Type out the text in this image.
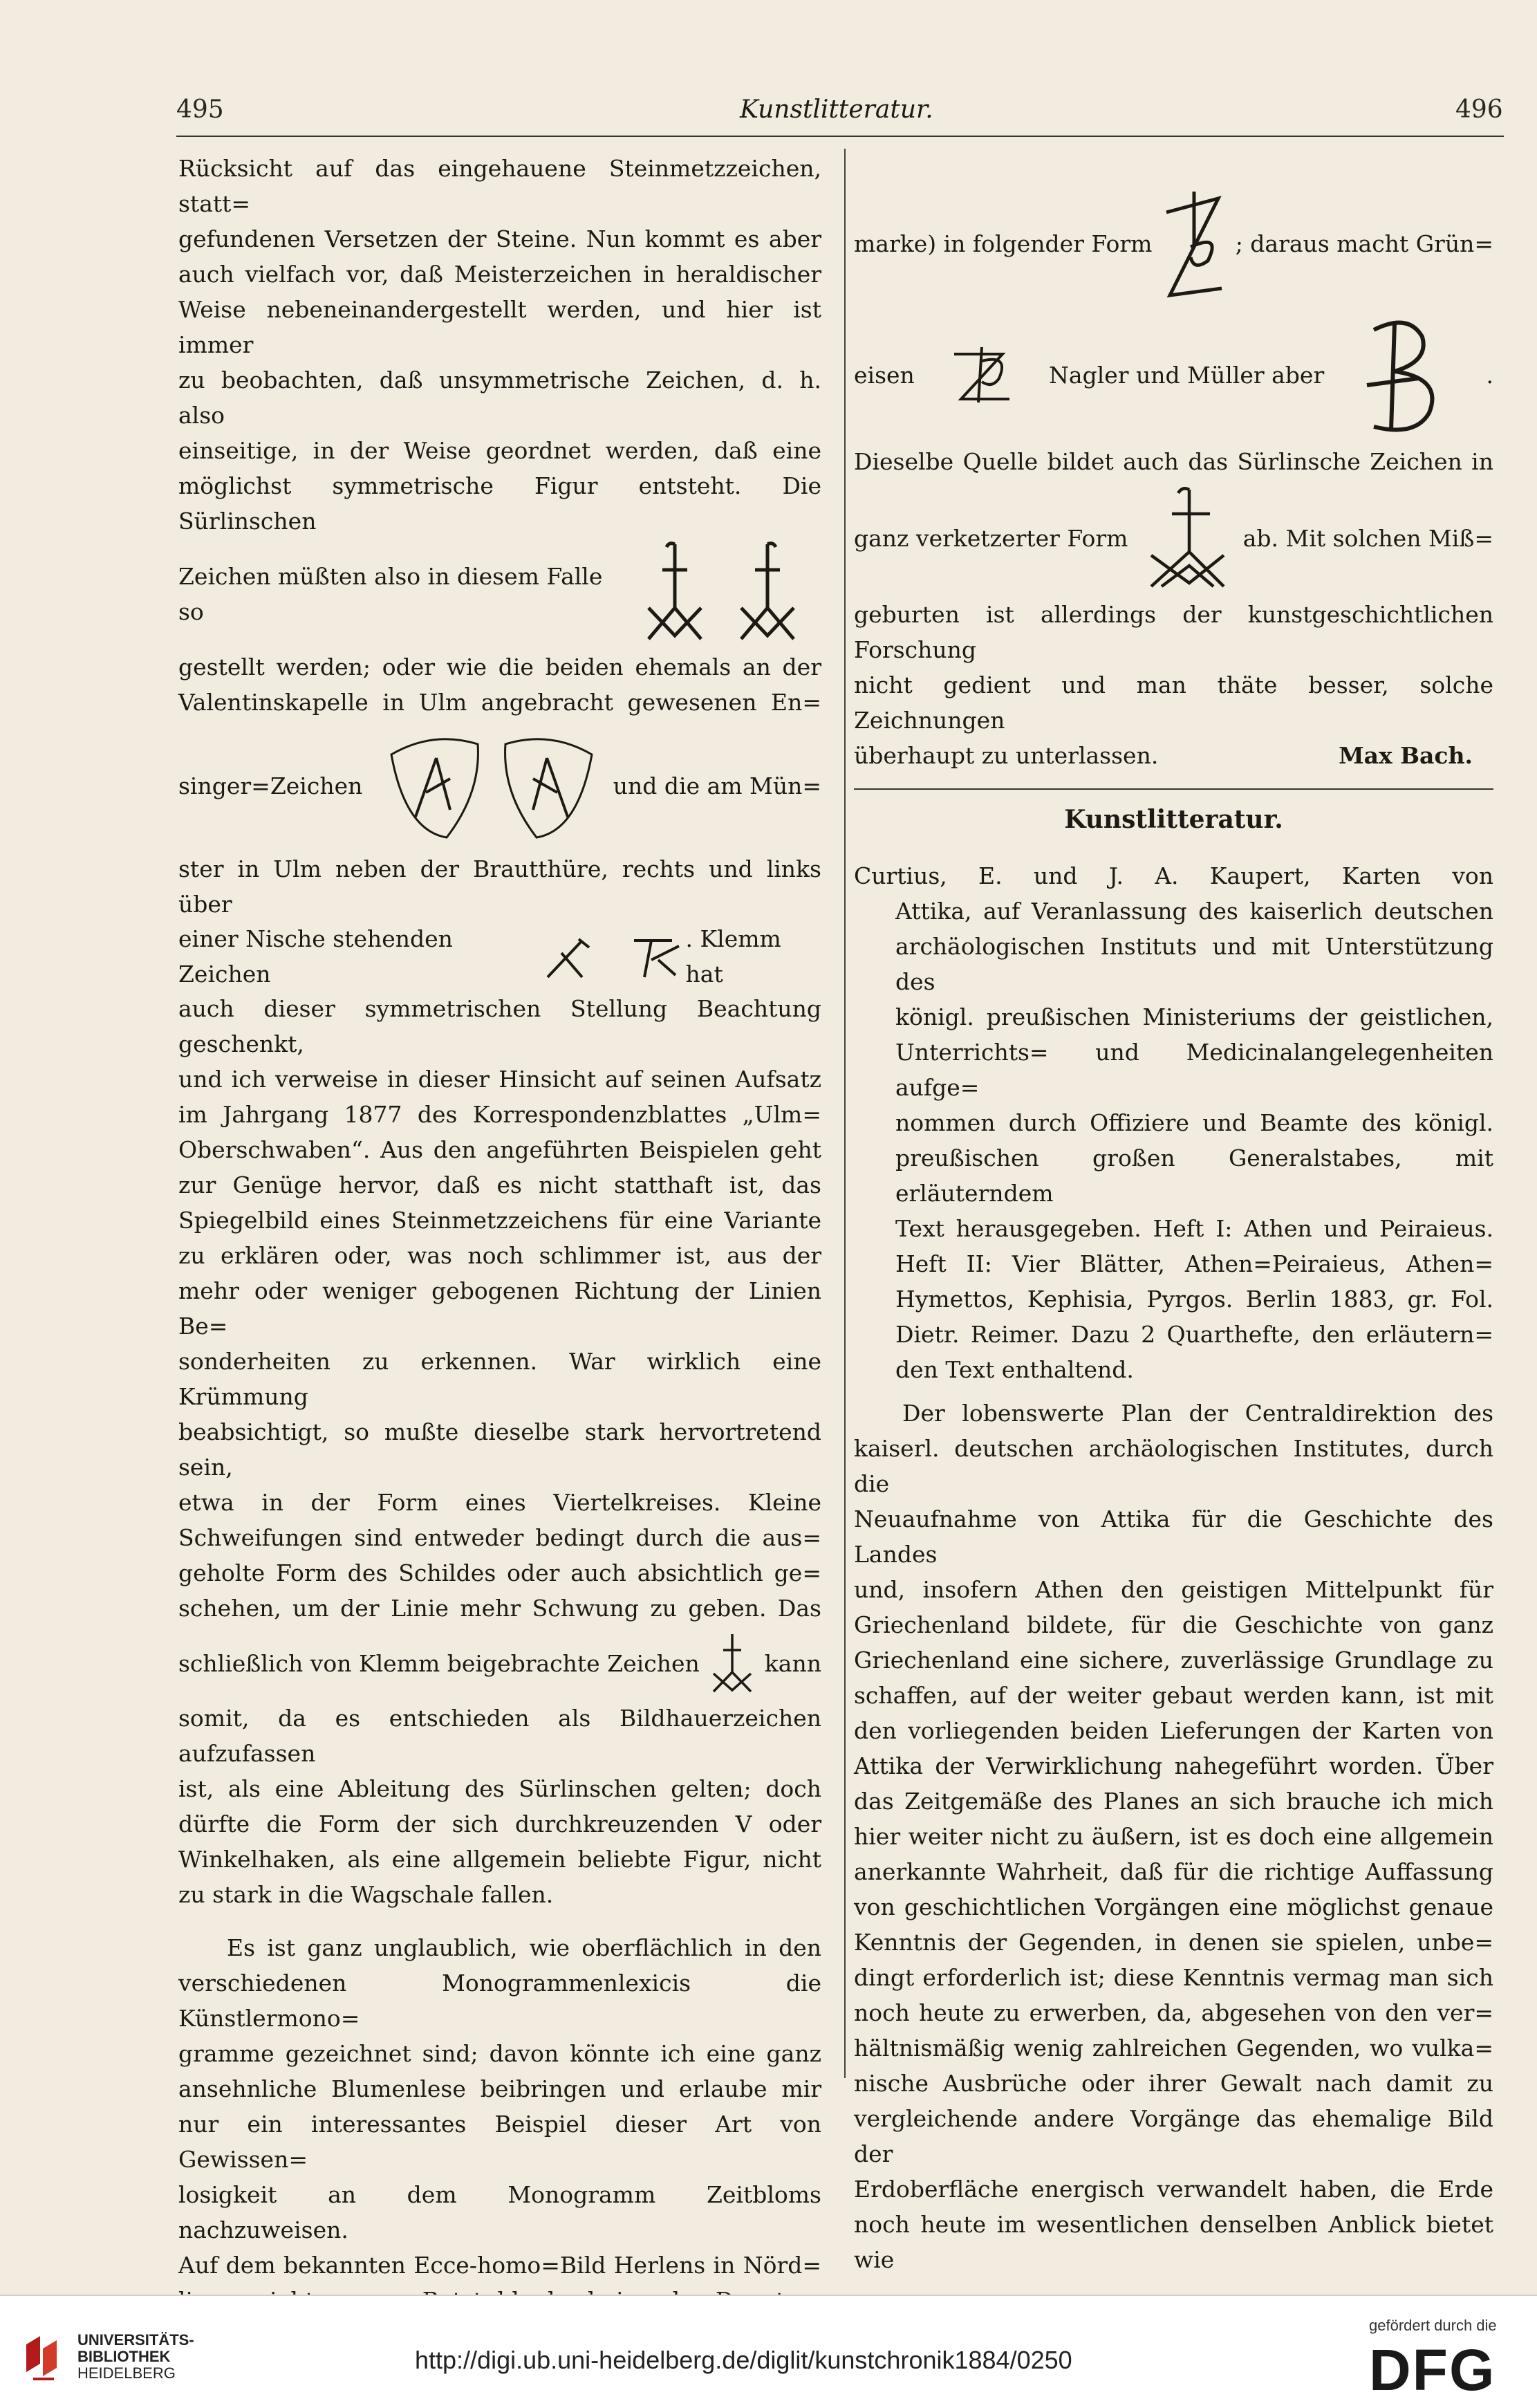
495	Kunstlitteratur.	496

Rücksicht auf das eingehauene Steinmetzzeichen, statt=

gefundenen Versetzen der Steine. Nun kommt es aber

auch vielfach vor, daß Meisterzeichen in heraldischer

Weise nebeneinandergestellt werden, und hier ist immer

zu beobachten, daß unsymmetrische Zeichen, d. h. also

einseitige, in der Weise geordnet werden, daß eine

möglichst symmetrische Figur entsteht. Die Sürlinschen

Zeichen müßten also in diesem Falle so

gestellt werden; oder wie die beiden ehemals an der

Valentinskapelle in Ulm angebracht gewesenen En=

singer=Zeichen	und die am Mün=

ster in Ulm neben der Brautthüre, rechts und links über

einer Nische stehenden Zeichen
. Klemm hat

auch dieser symmetrischen Stellung Beachtung geschenkt,

und ich verweise in dieser Hinsicht auf seinen Aufsatz

im Jahrgang 1877 des Korrespondenzblattes „Ulm=

Oberschwaben“. Aus den angeführten Beispielen geht

zur Genüge hervor, daß es nicht statthaft ist, das

Spiegelbild eines Steinmetzzeichens für eine Variante

zu erklären oder, was noch schlimmer ist, aus der

mehr oder weniger gebogenen Richtung der Linien Be=

sonderheiten zu erkennen. War wirklich eine Krümmung

beabsichtigt, so mußte dieselbe stark hervortretend sein,

etwa in der Form eines Viertelkreises. Kleine

Schweifungen sind entweder bedingt durch die aus=

geholte Form des Schildes oder auch absichtlich ge=

schehen, um der Linie mehr Schwung zu geben. Das

schließlich von Klemm beigebrachte Zeichen	kann

somit, da es entschieden als Bildhauerzeichen aufzufassen

ist, als eine Ableitung des Sürlinschen gelten; doch

dürfte die Form der sich durchkreuzenden V oder

Winkelhaken, als eine allgemein beliebte Figur, nicht

zu stark in die Wagschale fallen.

Es ist ganz unglaublich, wie oberflächlich in den

verschiedenen Monogrammenlexicis die Künstlermono=

gramme gezeichnet sind; davon könnte ich eine ganz

ansehnliche Blumenlese beibringen und erlaube mir

nur ein interessantes Beispiel dieser Art von Gewissen=

losigkeit an dem Monogramm Zeitbloms nachzuweisen.

Auf dem bekannten Ecce-homo=Bild Herlens in Nörd=

marke) in folgender Form	; daraus macht Grün=
eisen	Nagler und Müller aber	.

Dieselbe Quelle bildet auch das Sürlinsche Zeichen in

ganz verketzerter Form	ab. Mit solchen Miß=

geburten ist allerdings der kunstgeschichtlichen Forschung

nicht gedient und man thäte besser, solche Zeichnungen

überhaupt zu unterlassen.	Max Bach.

Kunstlitteratur.

Curtius, E. und J. A. Kaupert, Karten von

Attika, auf Veranlassung des kaiserlich deutschen

archäologischen Instituts und mit Unterstützung des

königl. preußischen Ministeriums der geistlichen,

Unterrichts= und Medicinalangelegenheiten aufge=

nommen durch Offiziere und Beamte des königl.

preußischen großen Generalstabes, mit erläuterndem

Text herausgegeben. Heft I: Athen und Peiraieus.

Heft II: Vier Blätter, Athen=Peiraieus, Athen=

Hymettos, Kephisia, Pyrgos. Berlin 1883, gr. Fol.

Dietr. Reimer. Dazu 2 Quarthefte, den erläutern=

den Text enthaltend.

Der lobenswerte Plan der Centraldirektion des

kaiserl. deutschen archäologischen Institutes, durch die

Neuaufnahme von Attika für die Geschichte des Landes

und, insofern Athen den geistigen Mittelpunkt für

Griechenland bildete, für die Geschichte von ganz

Griechenland eine sichere, zuverlässige Grundlage zu

schaffen, auf der weiter gebaut werden kann, ist mit

den vorliegenden beiden Lieferungen der Karten von

Attika der Verwirklichung nahegeführt worden. Über

das Zeitgemäße des Planes an sich brauche ich mich

hier weiter nicht zu äußern, ist es doch eine allgemein

anerkannte Wahrheit, daß für die richtige Auffassung

von geschichtlichen Vorgängen eine möglichst genaue

Kenntnis der Gegenden, in denen sie spielen, unbe=

dingt erforderlich ist; diese Kenntnis vermag man sich

noch heute zu erwerben, da, abgesehen von den ver=

hältnismäßig wenig zahlreichen Gegenden, wo vulka=

nische Ausbrüche oder ihrer Gewalt nach damit zu

vergleichende andere Vorgänge das ehemalige Bild der

Erdoberfläche energisch verwandelt haben, die Erde

noch heute im wesentlichen denselben Anblick bietet wie

UNIVERSITÄTS-
BIBLIOTHEK
HEIDELBERG	http://digi.ub.uni-heidelberg.de/diglit/kunstchronik1884/0250
gefördert durch die
DFG
